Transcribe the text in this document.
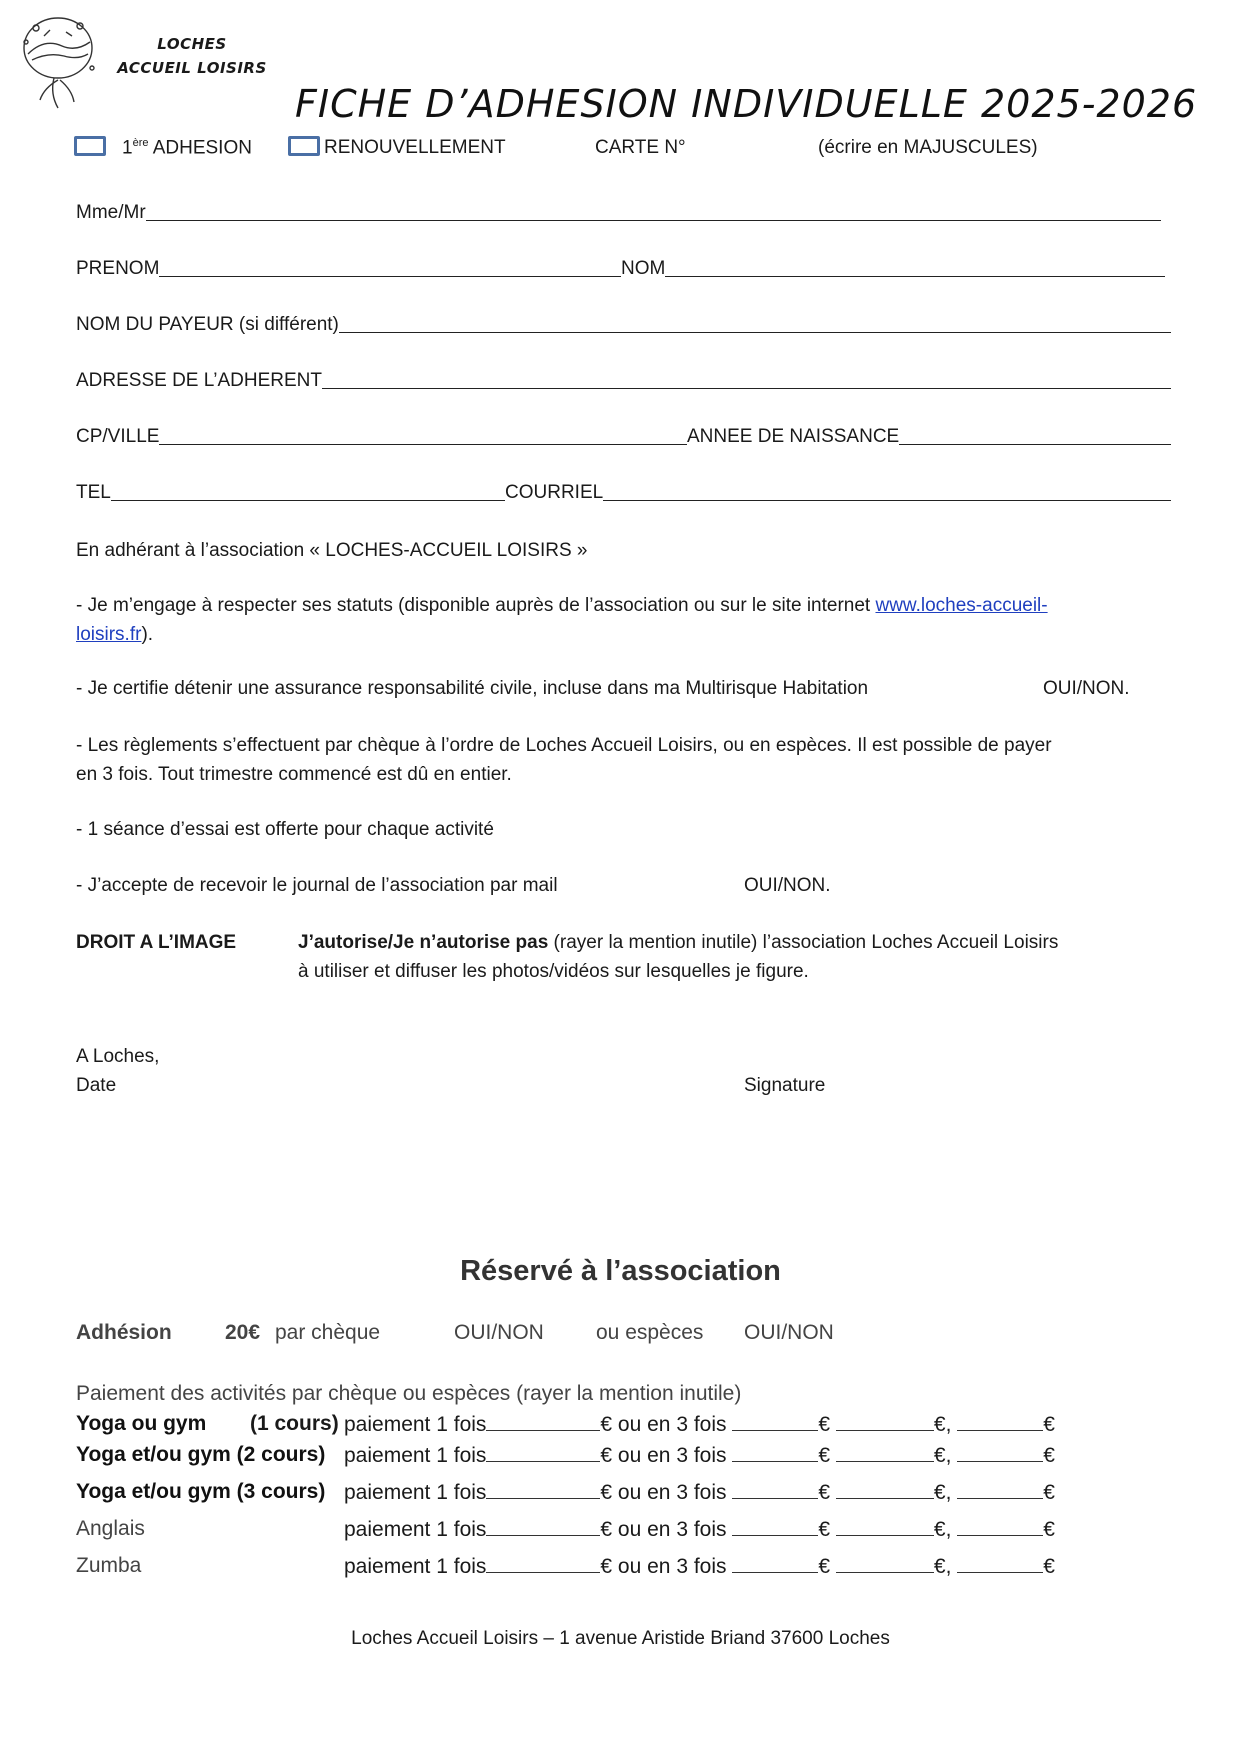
LOCHES
ACCUEIL LOISIRS
FICHE D’ADHESION INDIVIDUELLE 2025-2026
1ère ADHESION	RENOUVELLEMENT	CARTE N°	(écrire en MAJUSCULES)
Mme/Mr
PRENOM	NOM
NOM DU PAYEUR (si différent)
ADRESSE DE L’ADHERENT
CP/VILLE	ANNEE DE NAISSANCE
TEL	COURRIEL
En adhérant à l’association « LOCHES-ACCUEIL LOISIRS »
- Je m’engage à respecter ses statuts (disponible auprès de l’association ou sur le site internet www.loches-accueil-
loisirs.fr).
- Je certifie détenir une assurance responsabilité civile, incluse dans ma Multirisque Habitation	OUI/NON.
- Les règlements s’effectuent par chèque à l’ordre de Loches Accueil Loisirs, ou en espèces. Il est possible de payer
en 3 fois. Tout trimestre commencé est dû en entier.
- 1 séance d’essai est offerte pour chaque activité
- J’accepte de recevoir le journal de l’association par mail	OUI/NON.
DROIT A L’IMAGE	J’autorise/Je n’autorise pas (rayer la mention inutile) l’association Loches Accueil Loisirs
à utiliser et diffuser les photos/vidéos sur lesquelles je figure.
A Loches,
Date	Signature
Réservé à l’association
Adhésion	20€ par chèque	OUI/NON ou espèces OUI/NON
Paiement des activités par chèque ou espèces (rayer la mention inutile)
Yoga ou gym (1 cours) paiement 1 fois	€ ou en 3 fois	€	€,	€
Yoga et/ou gym (2 cours) paiement 1 fois	€ ou en 3 fois	€	€,	€
Yoga et/ou gym (3 cours) paiement 1 fois	€ ou en 3 fois	€	€,	€
Anglais	paiement 1 fois	€ ou en 3 fois	€	€,	€
Zumba	paiement 1 fois	€ ou en 3 fois	€	€,	€
Loches Accueil Loisirs – 1 avenue Aristide Briand 37600 Loches
